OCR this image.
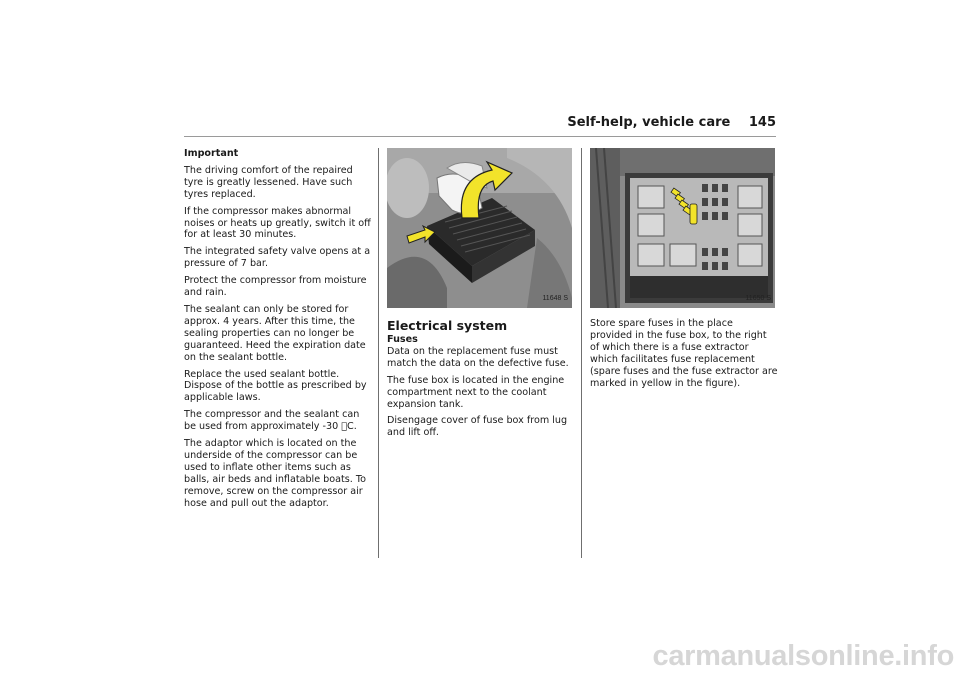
Self-help, vehicle care 145

Important

The driving comfort of the repaired tyre is greatly lessened. Have such tyres replaced.

If the compressor makes abnormal noises or heats up greatly, switch it off for at least 30 minutes.

The integrated safety valve opens at a pressure of 7 bar.

Protect the compressor from moisture and rain.

The sealant can only be stored for approx. 4 years. After this time, the sealing properties can no longer be guaranteed. Heed the expiration date on the sealant bottle.

Replace the used sealant bottle. Dispose of the bottle as prescribed by applicable laws.

The compressor and the sealant can be used from approximately -30 C.

The adaptor which is located on the underside of the compressor can be used to inflate other items such as balls, air beds and inflatable boats. To remove, screw on the compressor air hose and pull out the adaptor.

11648 S
Electrical system
Fuses

Data on the replacement fuse must match the data on the defective fuse.

The fuse box is located in the engine compartment next to the coolant expansion tank.

Disengage cover of fuse box from lug and lift off.

11650 S

Store spare fuses in the place provided in the fuse box, to the right of which there is a fuse extractor which facilitates fuse replacement (spare fuses and the fuse extractor are marked in yellow in the figure).

carmanualsonline.info
